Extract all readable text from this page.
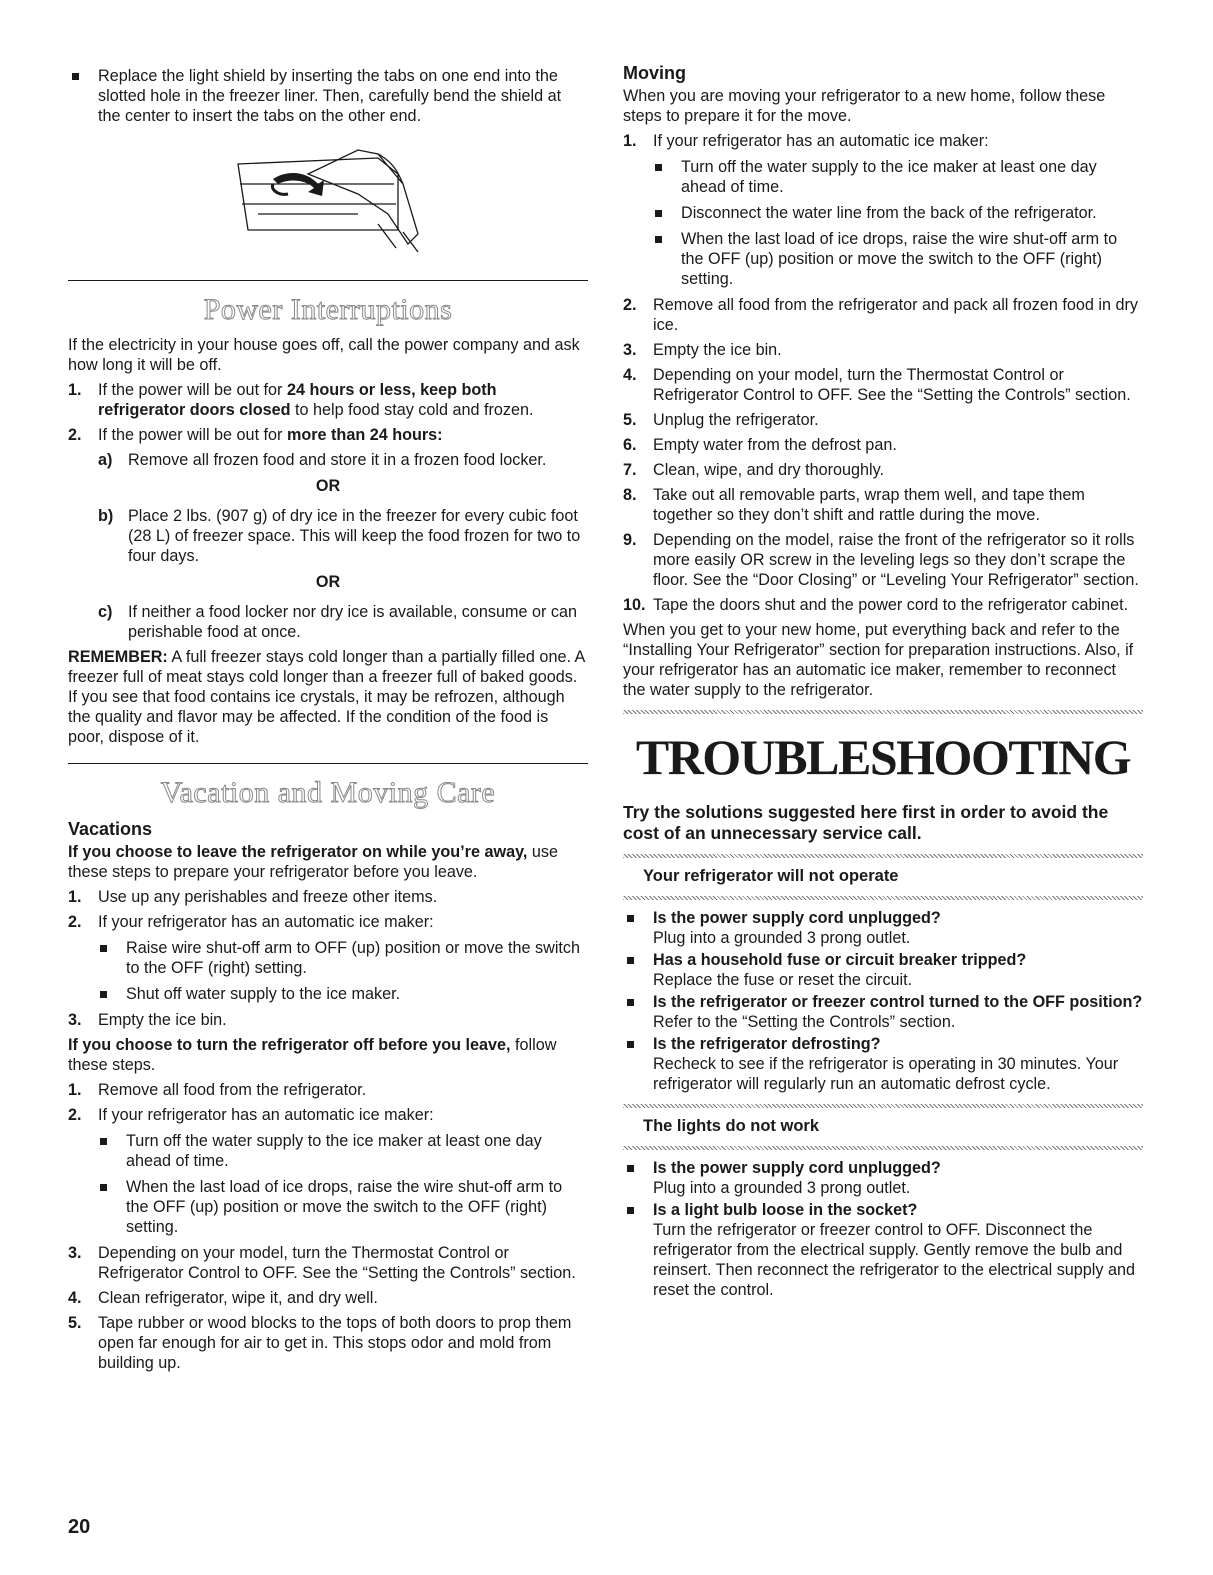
Replace the light shield by inserting the tabs on one end into the slotted hole in the freezer liner. Then, carefully bend the shield at the center to insert the tabs on the other end.
Power Interruptions

If the electricity in your house goes off, call the power company and ask how long it will be off.

1. If the power will be out for 24 hours or less, keep both refrigerator doors closed to help food stay cold and frozen.
2. If the power will be out for more than 24 hours:
a) Remove all frozen food and store it in a frozen food locker.
OR
b) Place 2 lbs. (907 g) of dry ice in the freezer for every cubic foot (28 L) of freezer space. This will keep the food frozen for two to four days.
OR
c) If neither a food locker nor dry ice is available, consume or can perishable food at once.

REMEMBER: A full freezer stays cold longer than a partially filled one. A freezer full of meat stays cold longer than a freezer full of baked goods. If you see that food contains ice crystals, it may be refrozen, although the quality and flavor may be affected. If the condition of the food is poor, dispose of it.

Vacation and Moving Care
Vacations

If you choose to leave the refrigerator on while you’re away, use these steps to prepare your refrigerator before you leave.

1. Use up any perishables and freeze other items.
2. If your refrigerator has an automatic ice maker:
Raise wire shut-off arm to OFF (up) position or move the switch to the OFF (right) setting.
Shut off water supply to the ice maker.
3. Empty the ice bin.

If you choose to turn the refrigerator off before you leave, follow these steps.

1. Remove all food from the refrigerator.
2. If your refrigerator has an automatic ice maker:
Turn off the water supply to the ice maker at least one day ahead of time.
When the last load of ice drops, raise the wire shut-off arm to the OFF (up) position or move the switch to the OFF (right) setting.
3. Depending on your model, turn the Thermostat Control or Refrigerator Control to OFF. See the “Setting the Controls” section.
4. Clean refrigerator, wipe it, and dry well.
5. Tape rubber or wood blocks to the tops of both doors to prop them open far enough for air to get in. This stops odor and mold from building up.
Moving

When you are moving your refrigerator to a new home, follow these steps to prepare it for the move.

1. If your refrigerator has an automatic ice maker:
Turn off the water supply to the ice maker at least one day ahead of time.
Disconnect the water line from the back of the refrigerator.
When the last load of ice drops, raise the wire shut-off arm to the OFF (up) position or move the switch to the OFF (right) setting.
2. Remove all food from the refrigerator and pack all frozen food in dry ice.
3. Empty the ice bin.
4. Depending on your model, turn the Thermostat Control or Refrigerator Control to OFF. See the “Setting the Controls” section.
5. Unplug the refrigerator.
6. Empty water from the defrost pan.
7. Clean, wipe, and dry thoroughly.
8. Take out all removable parts, wrap them well, and tape them together so they don’t shift and rattle during the move.
9. Depending on the model, raise the front of the refrigerator so it rolls more easily OR screw in the leveling legs so they don’t scrape the floor. See the “Door Closing” or “Leveling Your Refrigerator” section.
10. Tape the doors shut and the power cord to the refrigerator cabinet.

When you get to your new home, put everything back and refer to the “Installing Your Refrigerator” section for preparation instructions. Also, if your refrigerator has an automatic ice maker, remember to reconnect the water supply to the refrigerator.

TROUBLESHOOTING
Try the solutions suggested here first in order to avoid the cost of an unnecessary service call.
Your refrigerator will not operate
Is the power supply cord unplugged?
Plug into a grounded 3 prong outlet.
Has a household fuse or circuit breaker tripped?
Replace the fuse or reset the circuit.
Is the refrigerator or freezer control turned to the OFF position?
Refer to the “Setting the Controls” section.
Is the refrigerator defrosting?
Recheck to see if the refrigerator is operating in 30 minutes. Your refrigerator will regularly run an automatic defrost cycle.
The lights do not work
Is the power supply cord unplugged?
Plug into a grounded 3 prong outlet.
Is a light bulb loose in the socket?
Turn the refrigerator or freezer control to OFF. Disconnect the refrigerator from the electrical supply. Gently remove the bulb and reinsert. Then reconnect the refrigerator to the electrical supply and reset the control.
20
